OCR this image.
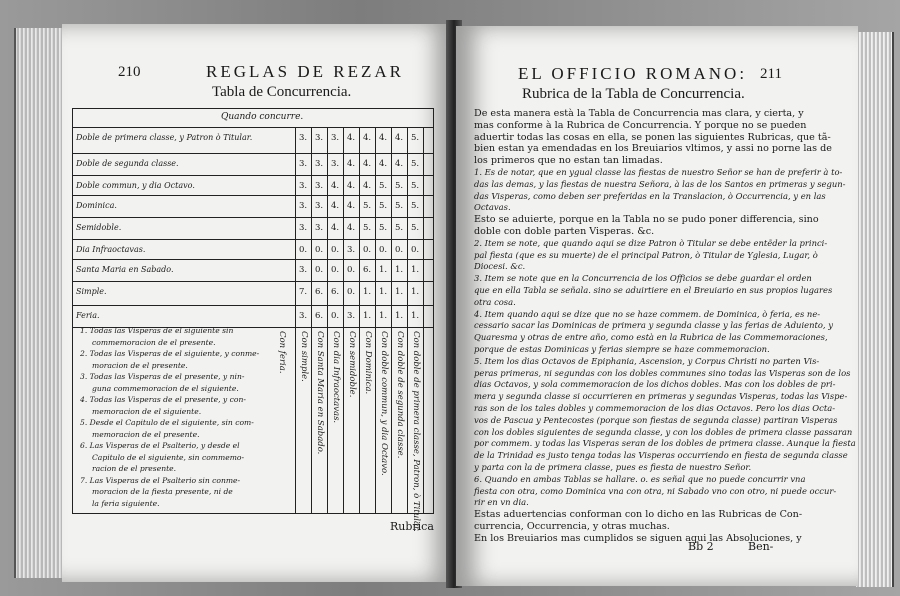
210	REGLAS DE REZAR
Tabla de Concurrencia.
Quando concurre.
Doble de primera classe, y Patron ò Titular.	3. 3. 3. 4. 4. 4. 4. 5.
Doble de segunda classe.	3. 3. 3. 4. 4. 4. 4. 5.
Doble commun, y dia Octavo.	3. 3. 4. 4. 4. 5. 5. 5.
Dominica.	3. 3. 4. 4. 5. 5. 5. 5.
Semidoble.	3. 3. 4. 4. 5. 5. 5. 5.
Dia Infraoctavas.	0. 0. 0. 3. 0. 0. 0. 0.
Santa Maria en Sabado.	3. 0. 0. 0. 6. 1. 1. 1.
Simple.	7. 6. 6. 0. 1. 1. 1. 1.
Feria.	3. 6. 0. 3. 1. 1. 1. 1.
Con feria. Con simple. Con Santa Maria en Sabado. Con dia Infraoctavas. Con semidoble. Con Dominica. Con doble commun, y dia Octavo. Con doble de segunda classe. Con doble de primera classe, Patron, ò Titular.
1. Todas las Visperas de el siguiente sin
commemoracion de el presente.
2. Todas las Visperas de el siguiente, y conme-
moracion de el presente.
3. Todas las Visperas de el presente, y nin-
guna commemoracion de el siguiente.
4. Todas las Visperas de el presente, y con-
memoracion de el siguiente.
5. Desde el Capitulo de el siguiente, sin com-
memoracion de el presente.
6. Las Visperas de el Psalterio, y desde el
Capitulo de el siguiente, sin commemo-
racion de el presente.
7. Las Visperas de el Psalterio sin conme-
moracion de la fiesta presente, ni de
la feria siguiente.
Rubrica
EL OFFICIO ROMANO: 211
Rubrica de la Tabla de Concurrencia.
De esta manera està la Tabla de Concurrencia mas clara, y cierta, y
mas conforme à la Rubrica de Concurrencia. Y porque no se pueden
aduertir todas las cosas en ella, se ponen las siguientes Rubricas, que tã-
bien estan ya emendadas en los Breuiarios vltimos, y assi no porne las de
los primeros que no estan tan limadas.
1. Es de notar, que en ygual classe las fiestas de nuestro Señor se han de preferir à to-
das las demas, y las fiestas de nuestra Señora, à las de los Santos en primeras y segun-
das Visperas, como deben ser preferidas en la Translacion, ò Occurrencia, y en las
Octavas.
Esto se aduierte, porque en la Tabla no se pudo poner differencia, sino
doble con doble parten Visperas. &c.
2. Item se note, que quando aqui se dize Patron ò Titular se debe entẽder la princi-
pal fiesta (que es su muerte) de el principal Patron, ò Titular de Yglesia, Lugar, ò
Diocesi. &c.
3. Item se note que en la Concurrencia de los Officios se debe guardar el orden
que en ella Tabla se señala. sino se aduirtiere en el Breuiario en sus propios lugares
otra cosa.
4. Item quando aqui se dize que no se haze commem. de Dominica, ò feria, es ne-
cessario sacar las Dominicas de primera y segunda classe y las ferias de Aduiento, y
Quaresma y otras de entre año, como està en la Rubrica de las Commemoraciones,
porque de estas Dominicas y ferias siempre se haze commemoracion.
5. Item los dias Octavos de Epiphania, Ascension, y Corpus Christi no parten Vis-
peras primeras, ni segundas con los dobles communes sino todas las Visperas son de los
dias Octavos, y sola commemoracion de los dichos dobles. Mas con los dobles de pri-
mera y segunda classe si occurrieren en primeras y segundas Visperas, todas las Vispe-
ras son de los tales dobles y commemoracion de los dias Octavos. Pero los dias Octa-
vos de Pascua y Pentecostes (porque son fiestas de segunda classe) partiran Visperas
con los dobles siguientes de segunda classe, y con los dobles de primera classe passaran
por commem. y todas las Visperas seran de los dobles de primera classe. Aunque la fiesta
de la Trinidad es justo tenga todas las Visperas occurriendo en fiesta de segunda classe
y parta con la de primera classe, pues es fiesta de nuestro Señor.
6. Quando en ambas Tablas se hallare. o. es señal que no puede concurrir vna
fiesta con otra, como Dominica vna con otra, ni Sabado vno con otro, ni puede occur-
rir en vn dia.
Estas aduertencias conforman con lo dicho en las Rubricas de Con-
currencia, Occurrencia, y otras muchas.
En los Breuiarios mas cumplidos se siguen aqui las Absoluciones, y
Bb 2	Ben-
